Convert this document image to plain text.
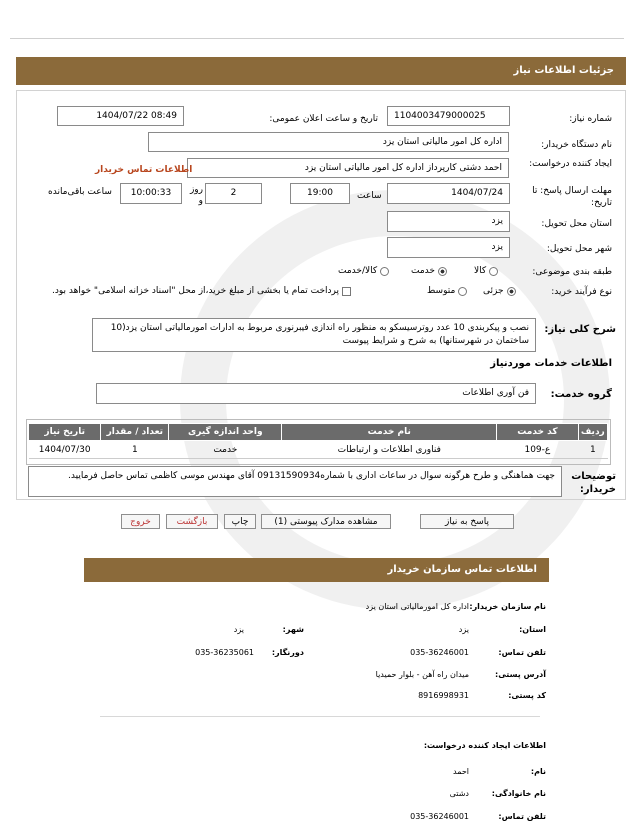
جزئیات اطلاعات نیاز
شماره نیاز:
1104003479000025
تاریخ و ساعت اعلان عمومی:
1404/07/22 08:49
نام دستگاه خریدار:
اداره کل امور مالیاتی استان یزد
ایجاد کننده درخواست:
احمد دشتی کارپرداز اداره کل امور مالیاتی استان یزد
اطلاعات تماس خریدار
مهلت ارسال پاسخ: تا تاریخ:
1404/07/24
ساعت
19:00
2
روز و
10:00:33
ساعت باقی‌مانده
استان محل تحویل:
یزد
شهر محل تحویل:
یزد
طبقه بندی موضوعی:
کالا
خدمت
کالا/خدمت
نوع فرآیند خرید:
جزئی
متوسط
پرداخت تمام یا بخشی از مبلغ خرید،از محل "اسناد خزانه اسلامی" خواهد بود.
شرح کلی نیاز:
نصب و پیکربندی 10 عدد روترسیسکو به منظور راه اندازی فیبرنوری مربوط به ادارات امورمالیاتی استان یزد(10 ساختمان در شهرستانها) به شرح و شرایط پیوست
اطلاعات خدمات موردنیاز
گروه خدمت:
فن آوری اطلاعات
ردیف	کد خدمت	نام خدمت	واحد اندازه گیری	تعداد / مقدار	تاریخ نیاز
1	ع-109	فناوری اطلاعات و ارتباطات	خدمت	1	1404/07/30
توضیحات خریدار:
جهت هماهنگی و طرح هرگونه سوال در ساعات اداری با شماره09131590934 آقای مهندس موسی کاظمی تماس حاصل فرمایید.
پاسخ به نیاز
مشاهده مدارک پیوستی (1)
چاپ
بازگشت
خروج
اطلاعات تماس سازمان خریدار
نام سازمان خریدار:
اداره کل امورمالیاتی استان یزد
استان:
یزد
شهر:
یزد
تلفن تماس:
035-36246001
دورنگار:
035-36235061
آدرس پستی:
میدان راه آهن - بلوار حمیدیا
کد پستی:
8916998931
اطلاعات ایجاد کننده درخواست:
نام:
احمد
نام خانوادگی:
دشتی
تلفن تماس:
035-36246001
